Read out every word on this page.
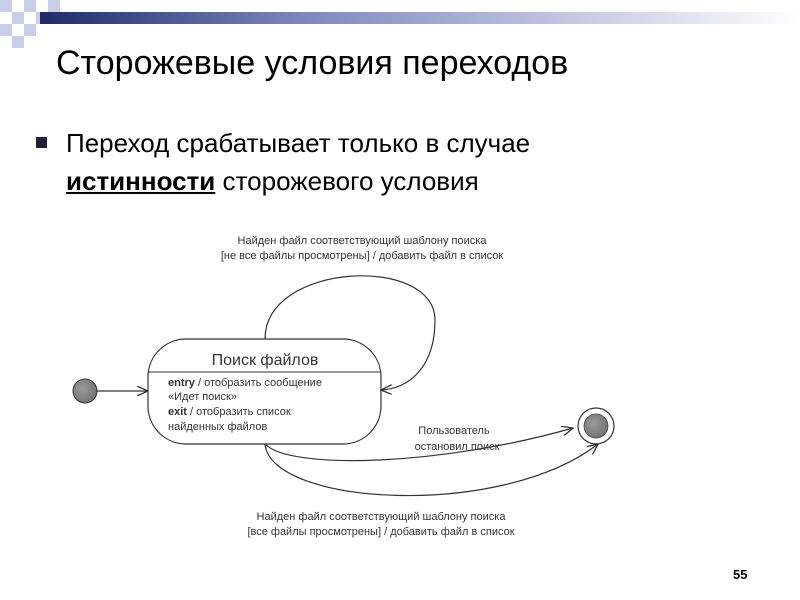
Сторожевые условия переходов
Переход срабатывает только в случае
истинности сторожевого условия
Поиск файлов
entry / отобразить сообщение
«Идет поиск»
exit / отобразить список
найденных файлов
Найден файл соответствующий шаблону поиска
[не все файлы просмотрены] / добавить файл в список
Пользователь
остановил поиск
Найден файл соответствующий шаблону поиска
[все файлы просмотрены] / добавить файл в список
55
